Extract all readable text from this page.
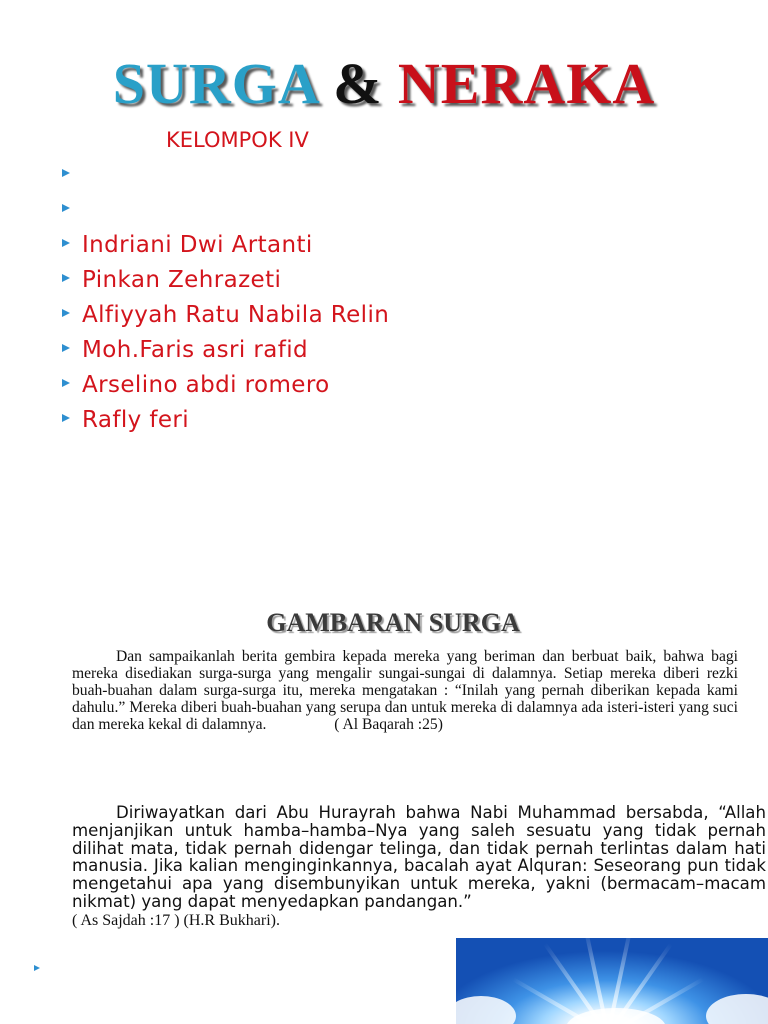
SURGA & NERAKA
KELOMPOK IV
Indriani Dwi Artanti
Pinkan Zehrazeti
Alfiyyah Ratu Nabila Relin
Moh.Faris asri rafid
Arselino abdi romero
Rafly feri
GAMBARAN SURGA
Dan sampaikanlah berita gembira kepada mereka yang beriman dan berbuat baik, bahwa bagi mereka disediakan surga-surga yang mengalir sungai-sungai di dalamnya. Setiap mereka diberi rezki buah-buahan dalam surga-surga itu, mereka mengatakan : “Inilah yang pernah diberikan kepada kami dahulu.” Mereka diberi buah-buahan yang serupa dan untuk mereka di dalamnya ada isteri-isteri yang suci dan mereka kekal di dalamnya.	( Al Baqarah :25)
Diriwayatkan dari Abu Hurayrah bahwa Nabi Muhammad bersabda, “Allah menjanjikan untuk hamba–hamba–Nya yang saleh sesuatu yang tidak pernah dilihat mata, tidak pernah didengar telinga, dan tidak pernah terlintas dalam hati manusia. Jika kalian menginginkannya, bacalah ayat Alquran: Seseorang pun tidak mengetahui apa yang disembunyikan untuk mereka, yakni (bermacam–macam nikmat) yang dapat menyedapkan pandangan.”
( As Sajdah :17 ) (H.R Bukhari).
